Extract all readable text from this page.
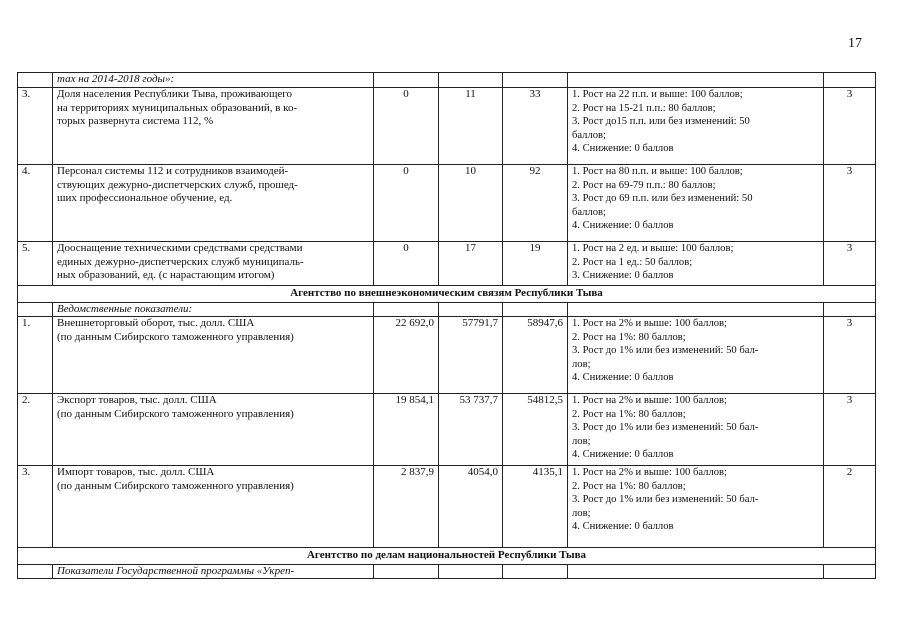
17
	тах на 2014-2018 годы»:					
3.	Доля населения Республики Тыва, проживающего
на территориях муниципальных образований, в ко-
торых развернута система 112, %	0	11	33	1. Рост на 22 п.п. и выше: 100 баллов;
2. Рост на 15-21 п.п.: 80 баллов;
3. Рост до15 п.п. или без изменений: 50
баллов;
4. Снижение: 0 баллов	3
4.	Персонал системы 112 и сотрудников взаимодей-
ствующих дежурно-диспетчерских служб, прошед-
ших профессиональное обучение, ед.	0	10	92	1. Рост на 80 п.п. и выше: 100 баллов;
2. Рост на 69-79 п.п.: 80 баллов;
3. Рост до 69 п.п. или без изменений: 50
баллов;
4. Снижение: 0 баллов	3
5.	Дооснащение техническими средствами средствами
единых дежурно-диспетчерских служб муниципаль-
ных образований, ед. (с нарастающим итогом)	0	17	19	1. Рост на 2 ед. и выше: 100 баллов;
2. Рост на 1 ед.: 50 баллов;
3. Снижение: 0 баллов	3
Агентство по внешнеэкономическим связям Республики Тыва						
	Ведомственные показатели:					
1.	Внешнеторговый оборот, тыс. долл. США
(по данным Сибирского таможенного управления)	22 692,0	57791,7	58947,6	1. Рост на 2% и выше: 100 баллов;
2. Рост на 1%: 80 баллов;
3. Рост до 1% или без изменений: 50 бал-
лов;
4. Снижение: 0 баллов	3
2.	Экспорт товаров, тыс. долл. США
(по данным Сибирского таможенного управления)	19 854,1	53 737,7	54812,5	1. Рост на 2% и выше: 100 баллов;
2. Рост на 1%: 80 баллов;
3. Рост до 1% или без изменений: 50 бал-
лов;
4. Снижение: 0 баллов	3
3.	Импорт товаров, тыс. долл. США
(по данным Сибирского таможенного управления)	2 837,9	4054,0	4135,1	1. Рост на 2% и выше: 100 баллов;
2. Рост на 1%: 80 баллов;
3. Рост до 1% или без изменений: 50 бал-
лов;
4. Снижение: 0 баллов	2
Агентство по делам национальностей Республики Тыва						
	Показатели Государственной программы «Укреп-					
